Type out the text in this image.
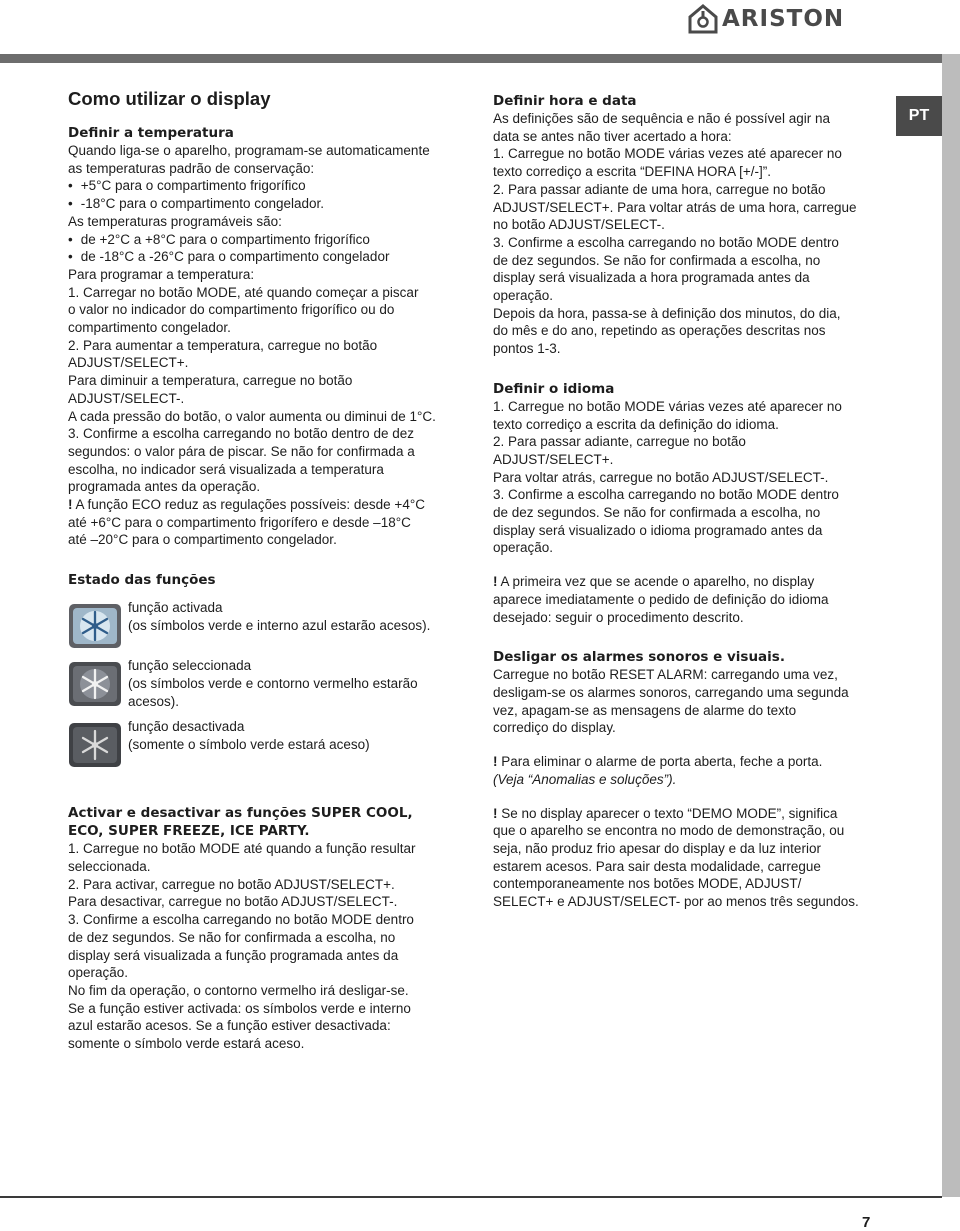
ARISTON
PT
Como utilizar o display
Definir a temperatura

Quando liga-se o aparelho, programam-se automaticamente

as temperaturas padrão de conservação:

• +5°C para o compartimento frigorífico

• -18°C para o compartimento congelador.

As temperaturas programáveis são:

• de +2°C a +8°C para o compartimento frigorífico

• de -18°C a -26°C para o compartimento congelador

Para programar a temperatura:

1. Carregar no botão MODE, até quando começar a piscar

o valor no indicador do compartimento frigorífico ou do

compartimento congelador.

2. Para aumentar a temperatura, carregue no botão

ADJUST/SELECT+.

Para diminuir a temperatura, carregue no botão

ADJUST/SELECT-.

A cada pressão do botão, o valor aumenta ou diminui de 1°C.

3. Confirme a escolha carregando no botão dentro de dez

segundos: o valor pára de piscar. Se não for confirmada a

escolha, no indicador será visualizada a temperatura

programada antes da operação.

! A função ECO reduz as regulações possíveis: desde +4°C

até +6°C para o compartimento frigorífero e desde –18°C

até –20°C para o compartimento congelador.

Estado das funções

função activada

(os símbolos verde e interno azul estarão acesos).

função seleccionada

(os símbolos verde e contorno vermelho estarão

acesos).

função desactivada

(somente o símbolo verde estará aceso)

Activar e desactivar as funções SUPER COOL,
ECO, SUPER FREEZE, ICE PARTY.

1. Carregue no botão MODE até quando a função resultar

seleccionada.

2. Para activar, carregue no botão ADJUST/SELECT+.

Para desactivar, carregue no botão ADJUST/SELECT-.

3. Confirme a escolha carregando no botão MODE dentro

de dez segundos. Se não for confirmada a escolha, no

display será visualizada a função programada antes da

operação.

No fim da operação, o contorno vermelho irá desligar-se.

Se a função estiver activada: os símbolos verde e interno

azul estarão acesos. Se a função estiver desactivada:

somente o símbolo verde estará aceso.

Definir hora e data

As definições são de sequência e não é possível agir na

data se antes não tiver acertado a hora:

1. Carregue no botão MODE várias vezes até aparecer no

texto corrediço a escrita “DEFINA HORA [+/-]”.

2. Para passar adiante de uma hora, carregue no botão

ADJUST/SELECT+. Para voltar atrás de uma hora, carregue

no botão ADJUST/SELECT-.

3. Confirme a escolha carregando no botão MODE dentro

de dez segundos. Se não for confirmada a escolha, no

display será visualizada a hora programada antes da

operação.

Depois da hora, passa-se à definição dos minutos, do dia,

do mês e do ano, repetindo as operações descritas nos

pontos 1-3.

Definir o idioma

1. Carregue no botão MODE várias vezes até aparecer no

texto corrediço a escrita da definição do idioma.

2. Para passar adiante, carregue no botão

ADJUST/SELECT+.

Para voltar atrás, carregue no botão ADJUST/SELECT-.

3. Confirme a escolha carregando no botão MODE dentro

de dez segundos. Se não for confirmada a escolha, no

display será visualizado o idioma programado antes da

operação.

! A primeira vez que se acende o aparelho, no display

aparece imediatamente o pedido de definição do idioma

desejado: seguir o procedimento descrito.

Desligar os alarmes sonoros e visuais.

Carregue no botão RESET ALARM: carregando uma vez,

desligam-se os alarmes sonoros, carregando uma segunda

vez, apagam-se as mensagens de alarme do texto

corrediço do display.

! Para eliminar o alarme de porta aberta, feche a porta.

(Veja “Anomalias e soluções”).

! Se no display aparecer o texto “DEMO MODE”, significa

que o aparelho se encontra no modo de demonstração, ou

seja, não produz frio apesar do display e da luz interior

estarem acesos. Para sair desta modalidade, carregue

contemporaneamente nos botões MODE, ADJUST/

SELECT+ e ADJUST/SELECT- por ao menos três segundos.

7
